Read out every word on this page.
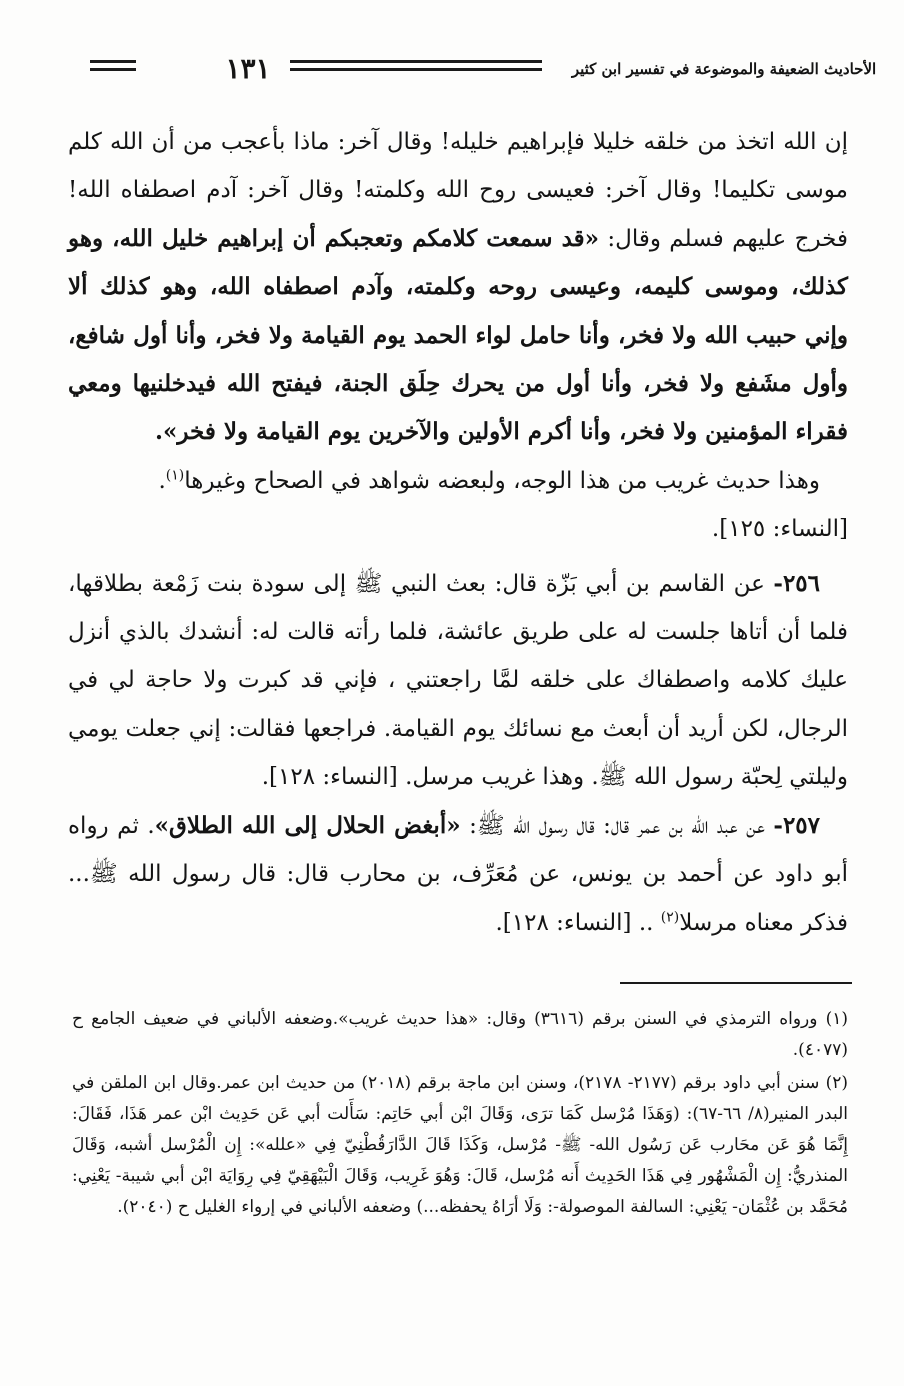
١٣١	الأحاديث الضعيفة والموضوعة في تفسير ابن كثير

إن الله اتخذ من خلقه خليلا فإبراهيم خليله! وقال آخر: ماذا بأعجب من أن الله كلم موسى تكليما! وقال آخر: فعيسى روح الله وكلمته! وقال آخر: آدم اصطفاه الله! فخرج عليهم فسلم وقال: «قد سمعت كلامكم وتعجبكم أن إبراهيم خليل الله، وهو كذلك، وموسى كليمه، وعيسى روحه وكلمته، وآدم اصطفاه الله، وهو كذلك ألا وإني حبيب الله ولا فخر، وأنا حامل لواء الحمد يوم القيامة ولا فخر، وأنا أول شافع، وأول مشَفع ولا فخر، وأنا أول من يحرك حِلَق الجنة، فيفتح الله فيدخلنيها ومعي فقراء المؤمنين ولا فخر، وأنا أكرم الأولين والآخرين يوم القيامة ولا فخر».

وهذا حديث غريب من هذا الوجه، ولبعضه شواهد في الصحاح وغيرها$^{(١)}$.

[النساء: ١٢٥].

٢٥٦- عن القاسم بن أبي بَزّة قال: بعث النبي ﷺ إلى سودة بنت زَمْعة بطلاقها، فلما أن أتاها جلست له على طريق عائشة، فلما رأته قالت له: أنشدك بالذي أنزل عليك كلامه واصطفاك على خلقه لمَّا راجعتني ، فإني قد كبرت ولا حاجة لي في الرجال، لكن أريد أن أبعث مع نسائك يوم القيامة. فراجعها فقالت: إني جعلت يومي وليلتي لِحبّة رسول الله ﷺ. وهذا غريب مرسل. [النساء: ١٢٨].

٢٥٧- عن عبد الله بن عمر قال: قال رسول الله ﷺ: «أبغض الحلال إلى الله الطلاق». ثم رواه أبو داود عن أحمد بن يونس، عن مُعَرِّف، بن محارب قال: قال رسول الله ﷺ... فذكر معناه مرسلا$^{(٢)}$ .. [النساء: ١٢٨].

(١) ورواه الترمذي في السنن برقم (٣٦١٦) وقال: «هذا حديث غريب».وضعفه الألباني في ضعيف الجامع ح (٤٠٧٧).

(٢) سنن أبي داود برقم (٢١٧٧- ٢١٧٨)، وسنن ابن ماجة برقم (٢٠١٨) من حديث ابن عمر.وقال ابن الملقن في البدر المنير(٨/ ٦٦-٦٧): (وَهَذَا مُرْسل كَمَا ترَى، وَقَالَ ابْن أبي حَاتِم: سَأَلت أبي عَن حَدِيث ابْن عمر هَذَا، فَقَالَ: إِنَّمَا هُوَ عَن محَارب عَن رَسُول الله- ﷺ- مُرْسل، وَكَذَا قَالَ الدَّارَقُطْنِيّ فِي «علله»: إِن الْمُرْسل أشبه، وَقَالَ المنذريُّ: إِن الْمَشْهُور فِي هَذَا الحَدِيث أَنه مُرْسل، قَالَ: وَهُوَ غَرِيب، وَقَالَ الْبَيْهَقِيّ فِي رِوَايَة ابْن أبي شيبة- يَعْنِي: مُحَمَّد بن عُثْمَان- يَعْنِي: السالفة الموصولة-: وَلَا أرَاهُ يحفظه...) وضعفه الألباني في إرواء الغليل ح (٢٠٤٠).
